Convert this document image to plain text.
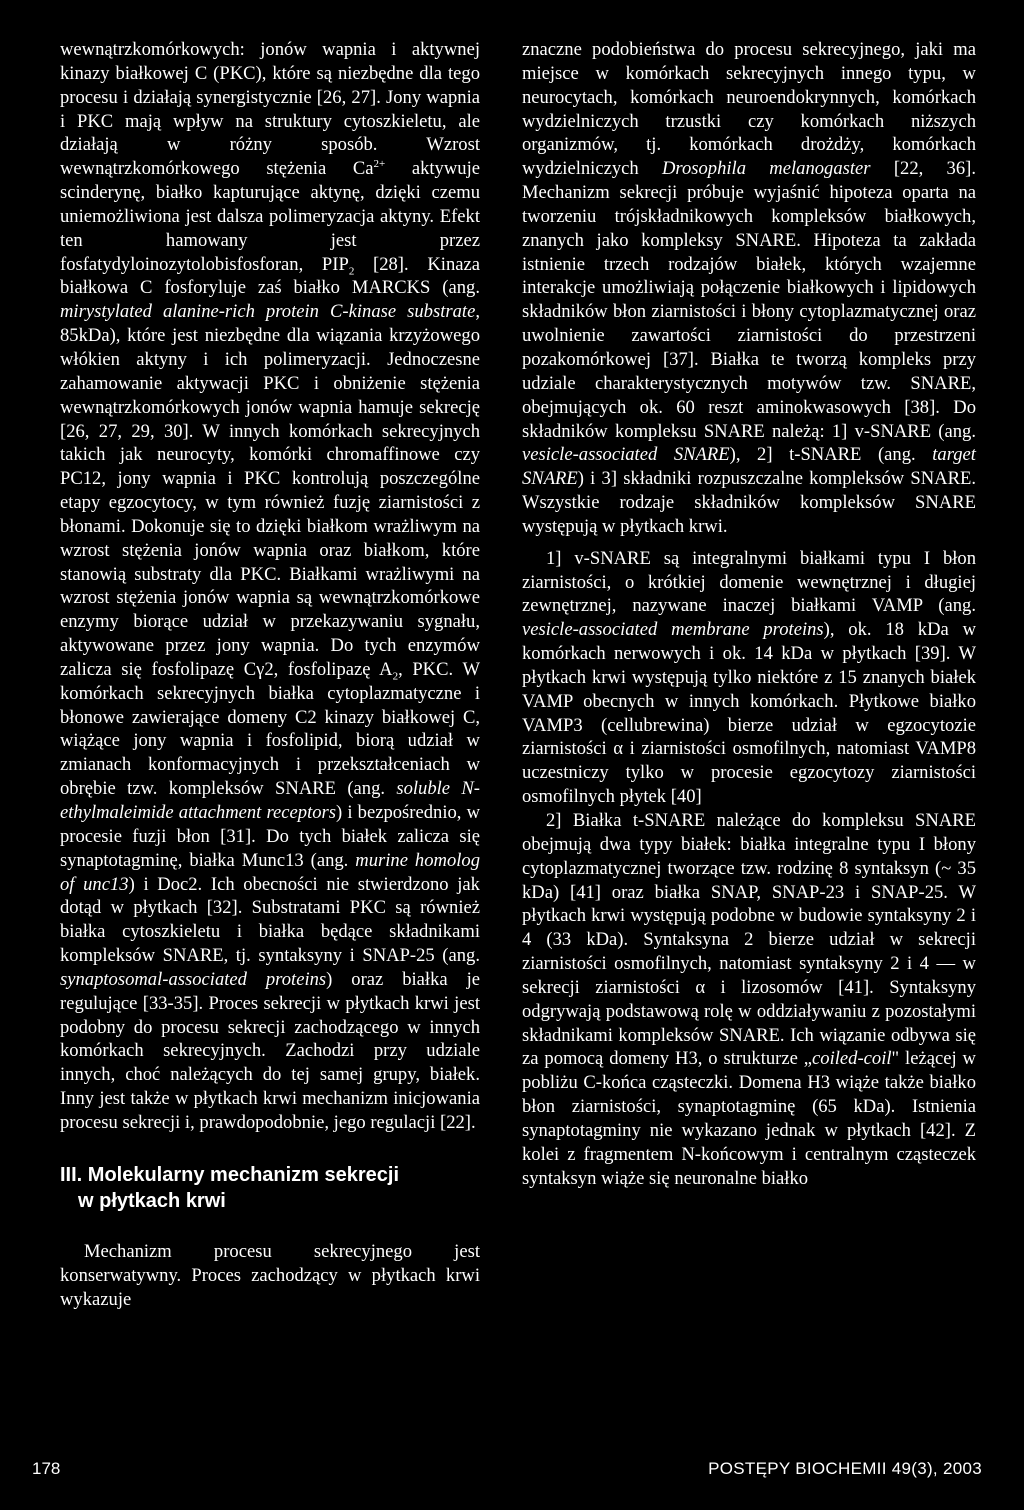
wewnątrzkomórkowych: jonów wapnia i aktywnej kinazy białkowej C (PKC), które są niezbędne dla tego procesu i działają synergistycznie [26, 27]. Jony wapnia i PKC mają wpływ na struktury cytoszkieletu, ale działają w różny sposób. Wzrost wewnątrzkomórkowego stężenia $Ca^{2+}$ aktywuje scinderynę, białko kapturujące aktynę, dzięki czemu uniemożliwiona jest dalsza polimeryzacja aktyny. Efekt ten hamowany jest przez fosfatydyloinozytolobisfosforan, $PIP_2$ [28]. Kinaza białkowa C fosforyluje zaś białko MARCKS (ang. mirystylated alanine-rich protein C-kinase substrate, 85kDa), które jest niezbędne dla wiązania krzyżowego włókien aktyny i ich polimeryzacji. Jednoczesne zahamowanie aktywacji PKC i obniżenie stężenia wewnątrzkomórkowych jonów wapnia hamuje sekrecję [26, 27, 29, 30]. W innych komórkach sekrecyjnych takich jak neurocyty, komórki chromaffinowe czy PC12, jony wapnia i PKC kontrolują poszczególne etapy egzocytocy, w tym również fuzję ziarnistości z błonami. Dokonuje się to dzięki białkom wrażliwym na wzrost stężenia jonów wapnia oraz białkom, które stanowią substraty dla PKC. Białkami wrażliwymi na wzrost stężenia jonów wapnia są wewnątrzkomórkowe enzymy biorące udział w przekazywaniu sygnału, aktywowane przez jony wapnia. Do tych enzymów zalicza się fosfolipazę Cγ2, fosfolipazę $A_2$, PKC. W komórkach sekrecyjnych białka cytoplazmatyczne i błonowe zawierające domeny C2 kinazy białkowej C, wiążące jony wapnia i fosfolipid, biorą udział w zmianach konformacyjnych i przekształceniach w obrębie tzw. kompleksów SNARE (ang. soluble N-ethylmaleimide attachment receptors) i bezpośrednio, w procesie fuzji błon [31]. Do tych białek zalicza się synaptotagminę, białka Munc13 (ang. murine homolog of unc13) i Doc2. Ich obecności nie stwierdzono jak dotąd w płytkach [32]. Substratami PKC są również białka cytoszkieletu i białka będące składnikami kompleksów SNARE, tj. syntaksyny i SNAP-25 (ang. synaptosomal-associated proteins) oraz białka je regulujące [33-35]. Proces sekrecji w płytkach krwi jest podobny do procesu sekrecji zachodzącego w innych komórkach sekrecyjnych. Zachodzi przy udziale innych, choć należących do tej samej grupy, białek. Inny jest także w płytkach krwi mechanizm inicjowania procesu sekrecji i, prawdopodobnie, jego regulacji [22].

III. Molekularny mechanizm sekrecji
w płytkach krwi

Mechanizm procesu sekrecyjnego jest konserwatywny. Proces zachodzący w płytkach krwi wykazuje

znaczne podobieństwa do procesu sekrecyjnego, jaki ma miejsce w komórkach sekrecyjnych innego typu, w neurocytach, komórkach neuroendokrynnych, komórkach wydzielniczych trzustki czy komórkach niższych organizmów, tj. komórkach drożdży, komórkach wydzielniczych Drosophila melanogaster [22, 36]. Mechanizm sekrecji próbuje wyjaśnić hipoteza oparta na tworzeniu trójskładnikowych kompleksów białkowych, znanych jako kompleksy SNARE. Hipoteza ta zakłada istnienie trzech rodzajów białek, których wzajemne interakcje umożliwiają połączenie białkowych i lipidowych składników błon ziarnistości i błony cytoplazmatycznej oraz uwolnienie zawartości ziarnistości do przestrzeni pozakomórkowej [37]. Białka te tworzą kompleks przy udziale charakterystycznych motywów tzw. SNARE, obejmujących ok. 60 reszt aminokwasowych [38]. Do składników kompleksu SNARE należą: 1] v-SNARE (ang. vesicle-associated SNARE), 2] t-SNARE (ang. target SNARE) i 3] składniki rozpuszczalne kompleksów SNARE. Wszystkie rodzaje składników kompleksów SNARE występują w płytkach krwi.

1] v-SNARE są integralnymi białkami typu I błon ziarnistości, o krótkiej domenie wewnętrznej i długiej zewnętrznej, nazywane inaczej białkami VAMP (ang. vesicle-associated membrane proteins), ok. 18 kDa w komórkach nerwowych i ok. 14 kDa w płytkach [39]. W płytkach krwi występują tylko niektóre z 15 znanych białek VAMP obecnych w innych komórkach. Płytkowe białko VAMP3 (cellubrewina) bierze udział w egzocytozie ziarnistości α i ziarnistości osmofilnych, natomiast VAMP8 uczestniczy tylko w procesie egzocytozy ziarnistości osmofilnych płytek [40]

2] Białka t-SNARE należące do kompleksu SNARE obejmują dwa typy białek: białka integralne typu I błony cytoplazmatycznej tworzące tzw. rodzinę 8 syntaksyn (~ 35 kDa) [41] oraz białka SNAP, SNAP-23 i SNAP-25. W płytkach krwi występują podobne w budowie syntaksyny 2 i 4 (33 kDa). Syntaksyna 2 bierze udział w sekrecji ziarnistości osmofilnych, natomiast syntaksyny 2 i 4 — w sekrecji ziarnistości α i lizosomów [41]. Syntaksyny odgrywają podstawową rolę w oddziaływaniu z pozostałymi składnikami kompleksów SNARE. Ich wiązanie odbywa się za pomocą domeny H3, o strukturze „coiled-coil" leżącej w pobliżu C-końca cząsteczki. Domena H3 wiąże także białko błon ziarnistości, synaptotagminę (65 kDa). Istnienia synaptotagminy nie wykazano jednak w płytkach [42]. Z kolei z fragmentem N-końcowym i centralnym cząsteczek syntaksyn wiąże się neuronalne białko

178	POSTĘPY BIOCHEMII 49(3), 2003
